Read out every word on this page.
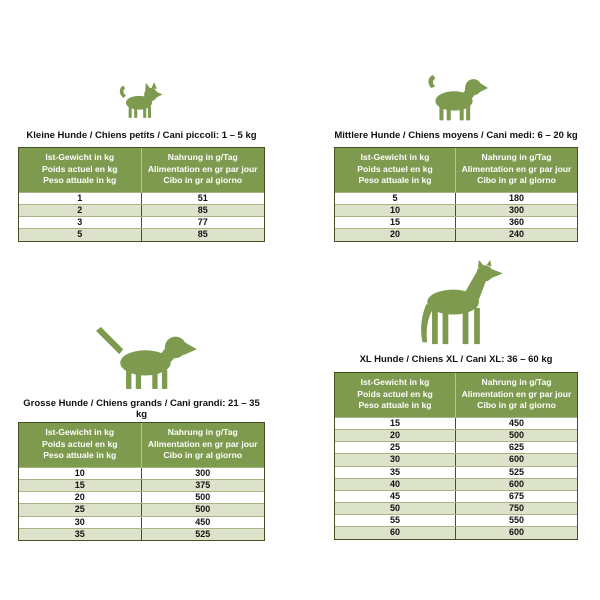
Kleine Hunde / Chiens petits / Cani piccoli: 1 – 5 kg	Mittlere Hunde / Chiens moyens / Cani medi: 6 – 20 kg
Grosse Hunde / Chiens grands / Cani grandi: 21 – 35 kg
XL Hunde / Chiens XL / Cani XL: 36 – 60 kg
Ist-Gewicht in kg
Poids actuel en kg
Peso attuale in kg
Nahrung in g/Tag
Alimentation en gr par jour
Cibo in gr al giorno
1	51
2	85
3	77
5	85
Ist-Gewicht in kg
Poids actuel en kg
Peso attuale in kg
Nahrung in g/Tag
Alimentation en gr par jour
Cibo in gr al giorno
5	180
10	300
15	360
20	240
Ist-Gewicht in kg
Poids actuel en kg
Peso attuale in kg
Nahrung in g/Tag
Alimentation en gr par jour
Cibo in gr al giorno
10	300
15	375
20	500
25	500
30	450
35	525
Ist-Gewicht in kg
Poids actuel en kg
Peso attuale in kg
Nahrung in g/Tag
Alimentation en gr par jour
Cibo in gr al giorno
15	450
20	500
25	625
30	600
35	525
40	600
45	675
50	750
55	550
60	600
